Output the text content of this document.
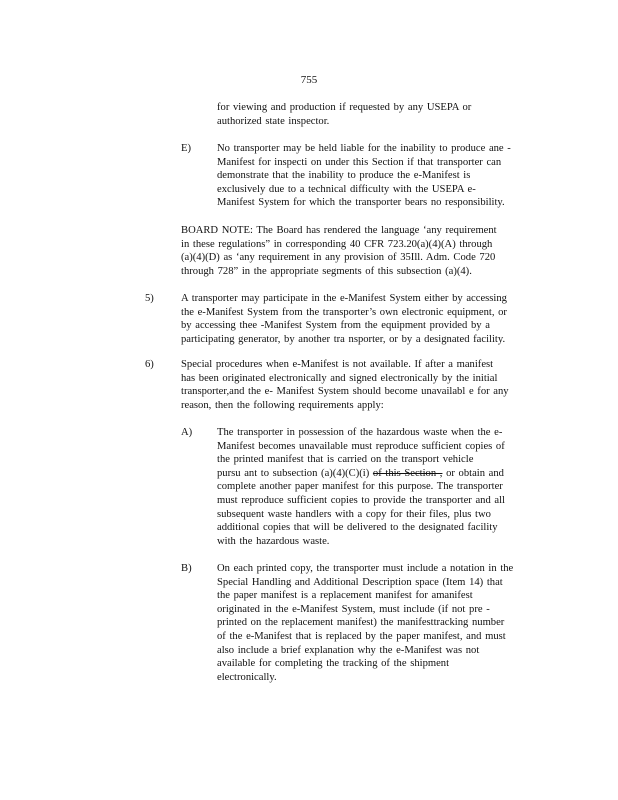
755
for viewing and production if requested by any USEPA or
authorized state inspector.
E) No transporter may be held liable for the inability to produce ane -
Manifest for inspecti on under this Section if that transporter can
demonstrate that the inability to produce the e-Manifest is
exclusively due to a technical difficulty with the USEPA e-
Manifest System for which the transporter bears no responsibility.
BOARD NOTE: The Board has rendered the language ‘any requirement
in these regulations” in corresponding 40 CFR 723.20(a)(4)(A) through
(a)(4)(D) as ‘any requirement in any provision of 35Ill. Adm. Code 720
through 728” in the appropriate segments of this subsection (a)(4).
5)	A transporter may participate in the e-Manifest System either by accessing
the e-Manifest System from the transporter’s own electronic equipment, or
by accessing thee -Manifest System from the equipment provided by a
participating generator, by another tra nsporter, or by a designated facility.
6)	Special procedures when e-Manifest is not available. If after a manifest
has been originated electronically and signed electronically by the initial
transporter,and the e- Manifest System should become unavailabl e for any
reason, then the following requirements apply:
A) The transporter in possession of the hazardous waste when the e-
Manifest becomes unavailable must reproduce sufficient copies of
the printed manifest that is carried on the transport vehicle
pursu ant to subsection (a)(4)(C)(i) of this Section , or obtain and
complete another paper manifest for this purpose. The transporter
must reproduce sufficient copies to provide the transporter and all
subsequent waste handlers with a copy for their files, plus two
additional copies that will be delivered to the designated facility
with the hazardous waste.
B) On each printed copy, the transporter must include a notation in the
Special Handling and Additional Description space (Item 14) that
the paper manifest is a replacement manifest for amanifest
originated in the e-Manifest System, must include (if not pre -
printed on the replacement manifest) the manifesttracking number
of the e-Manifest that is replaced by the paper manifest, and must
also include a brief explanation why the e-Manifest was not
available for completing the tracking of the shipment
electronically.
